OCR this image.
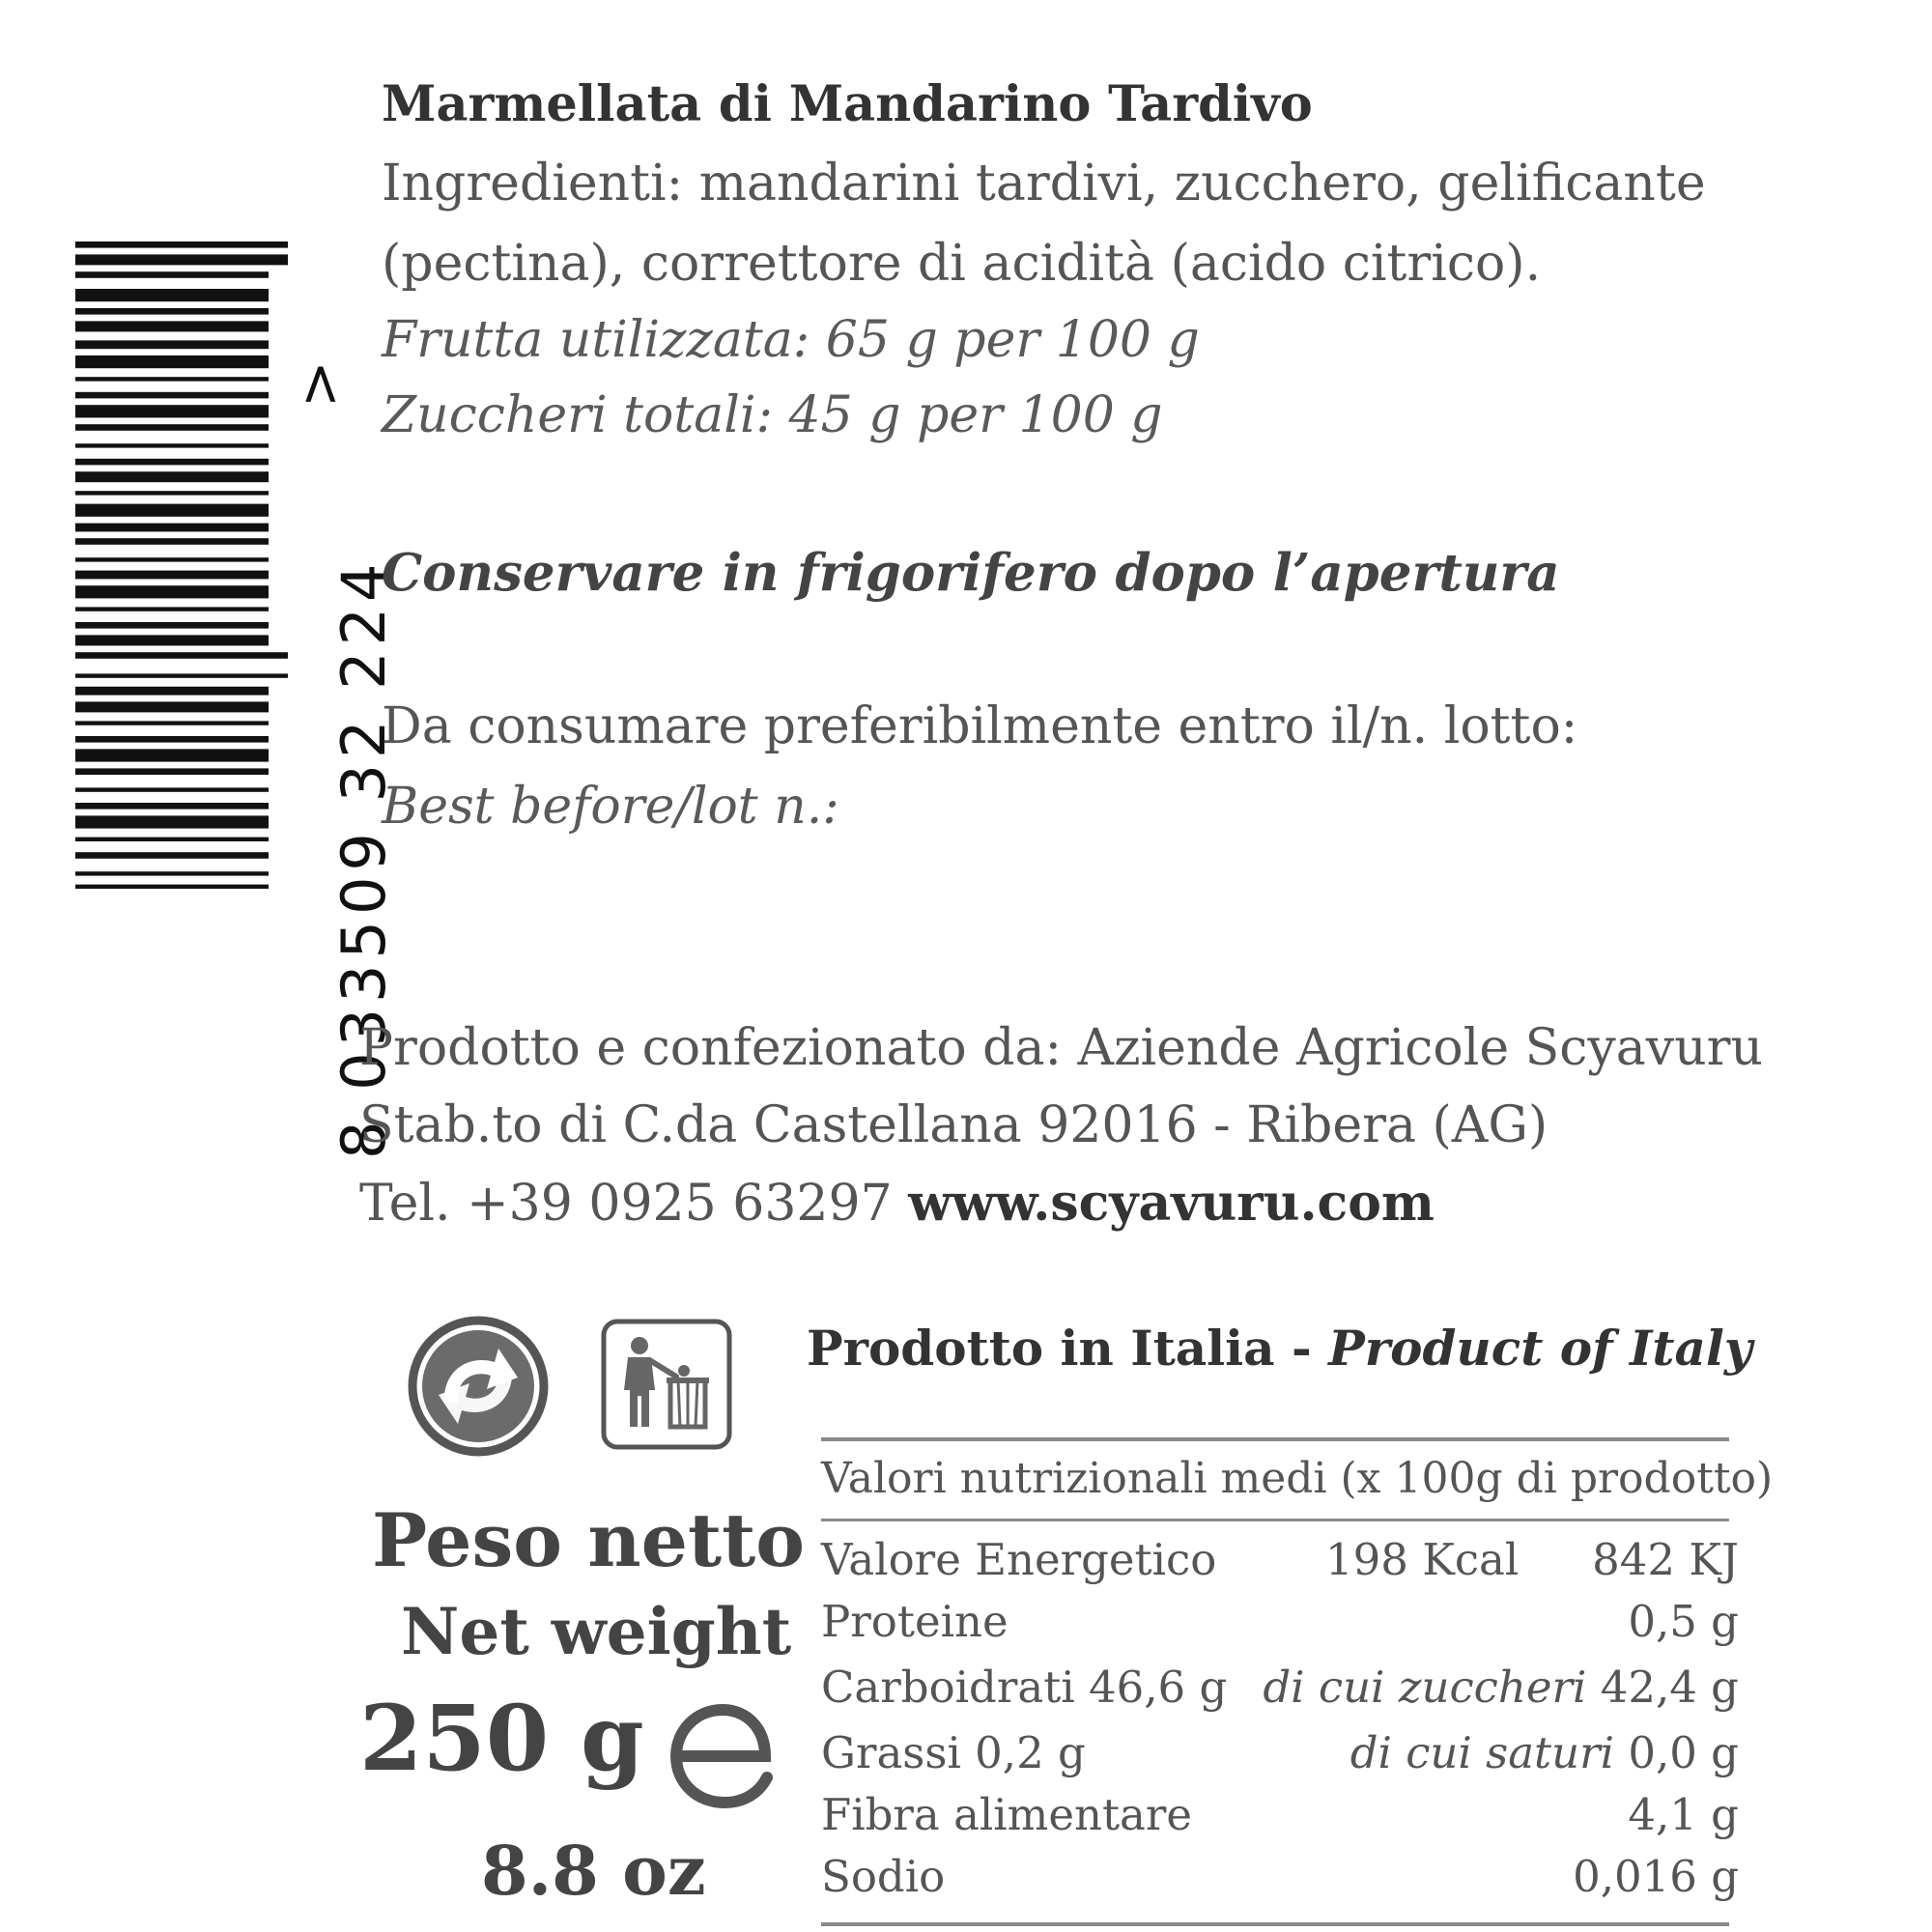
8 033509 32 224
>
Marmellata di Mandarino Tardivo
Ingredienti: mandarini tardivi, zucchero, gelificante
(pectina), correttore di acidità (acido citrico).
Frutta utilizzata: 65 g per 100 g
Zuccheri totali: 45 g per 100 g
Conservare in frigorifero dopo l’apertura
Da consumare preferibilmente entro il/n. lotto:
Best before/lot n.:
Prodotto e confezionato da: Aziende Agricole Scyavuru
Stab.to di C.da Castellana 92016 - Ribera (AG)
Tel. +39 0925 63297 www.scyavuru.com
Prodotto in Italia - Product of Italy
Peso netto
Net weight
250 g
8.8 oz
Valori nutrizionali medi (x 100g di prodotto)
Valore Energetico	198 Kcal 842 KJ
Proteine	0,5 g
Carboidrati 46,6 g di cui zuccheri 42,4 g
Grassi 0,2 g	di cui saturi 0,0 g
Fibra alimentare	4,1 g
Sodio	0,016 g
